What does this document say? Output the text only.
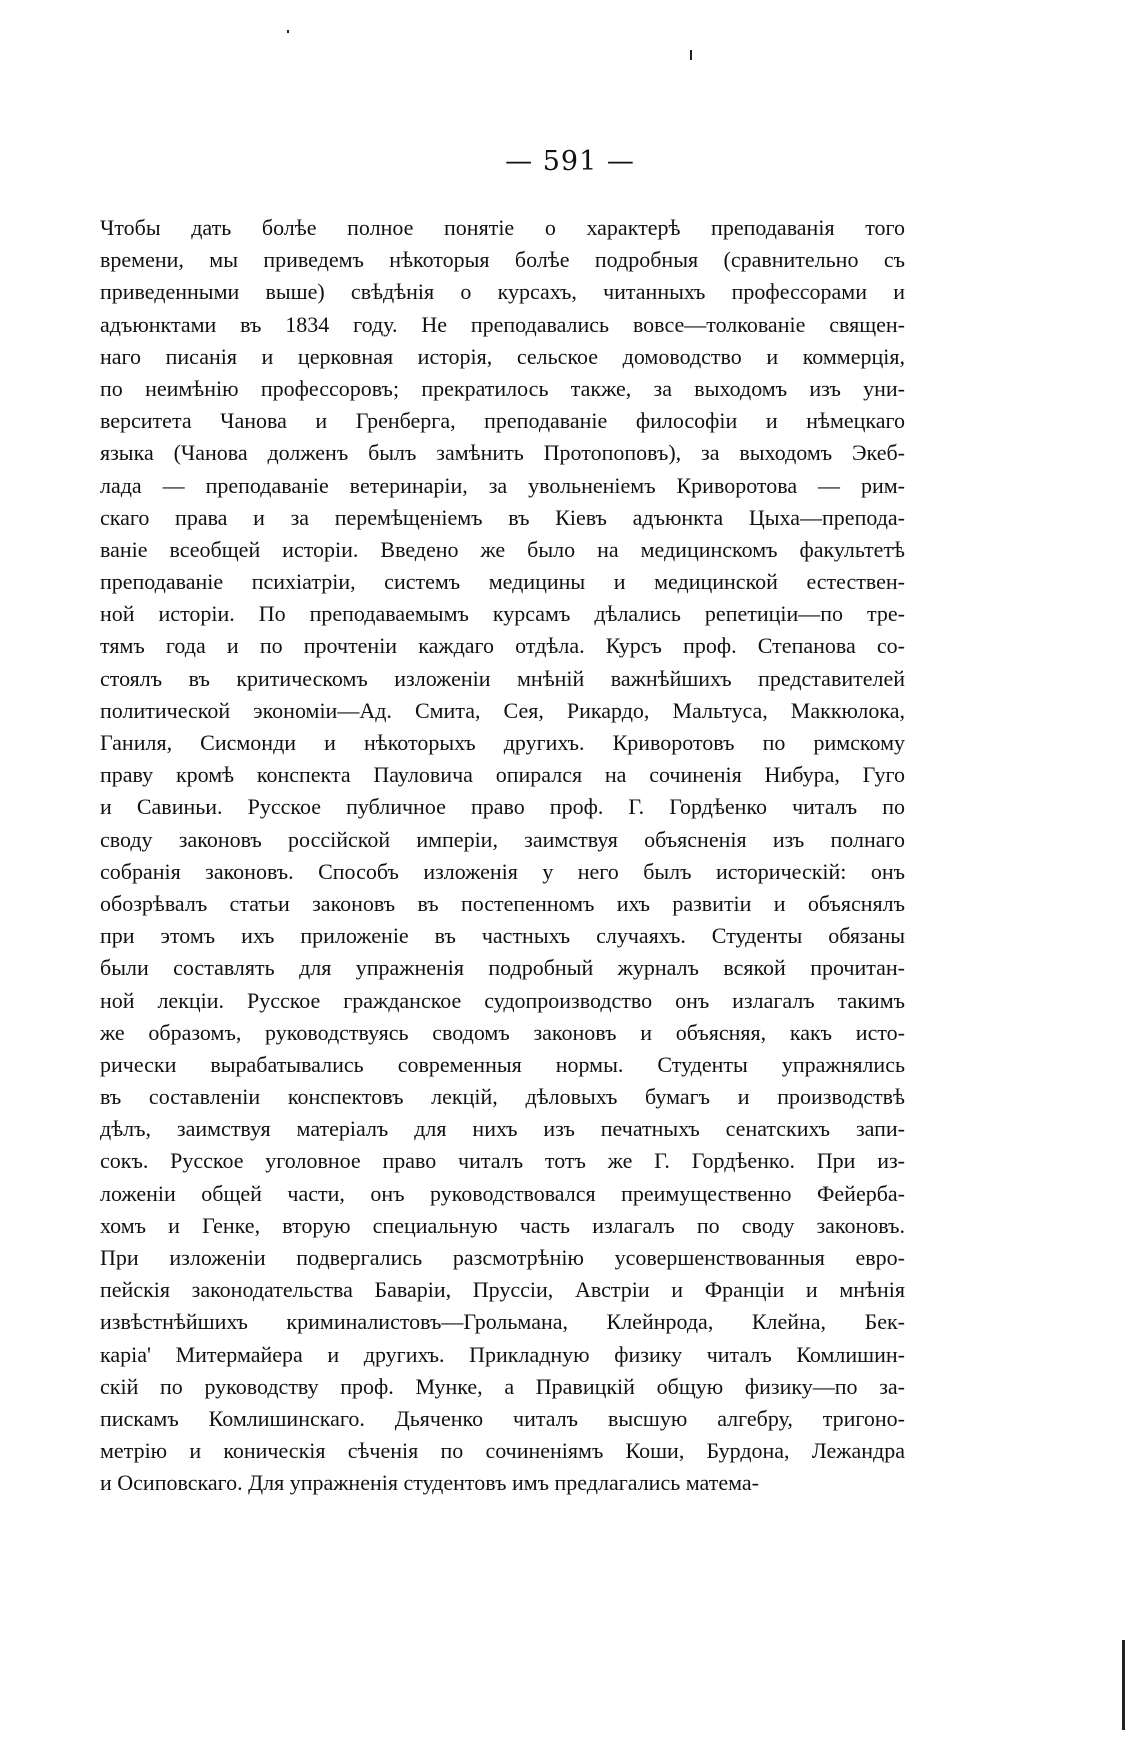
— 591 —
Чтобы дать болѣе полное понятіе о характерѣ преподаванія того
времени, мы приведемъ нѣкоторыя болѣе подробныя (сравнительно съ
приведенными выше) свѣдѣнія о курсахъ, читанныхъ профессорами и
адъюнктами въ 1834 году. Не преподавались вовсе—толкованіе священ-
наго писанія и церковная исторія, сельское домоводство и коммерція,
по неимѣнію профессоровъ; прекратилось также, за выходомъ изъ уни-
верситета Чанова и Гренберга, преподаваніе философіи и нѣмецкаго
языка (Чанова долженъ былъ замѣнить Протопоповъ), за выходомъ Экеб-
лада — преподаваніе ветеринаріи, за увольненіемъ Криворотова — рим-
скаго права и за перемѣщеніемъ въ Кіевъ адъюнкта Цыха—преподa-
ваніе всеобщей исторіи. Введено же было на медицинскомъ факультетѣ
преподаваніе психіатріи, системъ медицины и медицинской естествен-
ной исторіи. По преподаваемымъ курсамъ дѣлались репетиціи—по тре-
тямъ года и по прочтеніи каждаго отдѣла. Курсъ проф. Степанова со-
стоялъ въ критическомъ изложеніи мнѣній важнѣйшихъ представителей
политической экономіи—Ад. Смита, Сея, Рикардо, Мальтуса, Маккюлока,
Ганиля, Сисмонди и нѣкоторыхъ другихъ. Криворотовъ по римскому
праву кромѣ конспекта Пауловича опирался на сочиненія Нибура, Гуго
и Савиньи. Русское публичное право проф. Г. Гордѣенко читалъ по
своду законовъ россійской имперіи, заимствуя объясненія изъ полнаго
собранія законовъ. Способъ изложенія у него былъ историческій: онъ
обозрѣвалъ статьи законовъ въ постепенномъ ихъ развитіи и объяснялъ
при этомъ ихъ приложеніе въ частныхъ случаяхъ. Студенты обязаны
были составлять для упражненія подробный журналъ всякой прочитан-
ной лекціи. Русское гражданское судопроизводство онъ излагалъ такимъ
же образомъ, руководствуясь сводомъ законовъ и объясняя, какъ исто-
рически вырабатывались современныя нормы. Студенты упражнялись
въ составленіи конспектовъ лекцій, дѣловыхъ бумагъ и производствѣ
дѣлъ, заимствуя матеріалъ для нихъ изъ печатныхъ сенатскихъ запи-
сокъ. Русское уголовное право читалъ тотъ же Г. Гордѣенко. При из-
ложеніи общей части, онъ руководствовался преимущественно Фейерба-
хомъ и Генке, вторую специальную часть излагалъ по своду законовъ.
При изложеніи подвергались разсмотрѣнію усовершенствованныя евро-
пейскія законодательства Баваріи, Пруссіи, Австріи и Франціи и мнѣнія
извѣстнѣйшихъ криминалистовъ—Грольмана, Клейнрода, Клейна, Бек-
каріа' Митермайера и другихъ. Прикладную физику читалъ Комлишин-
скій по руководству проф. Мунке, а Правицкій общую физику—по за-
пискамъ Комлишинскаго. Дьяченко читалъ высшую алгебру, тригоно-
метрію и коническія сѣченія по сочиненіямъ Коши, Бурдона, Лежандра
и Осиповскаго. Для упражненія студентовъ имъ предлагались матема-
